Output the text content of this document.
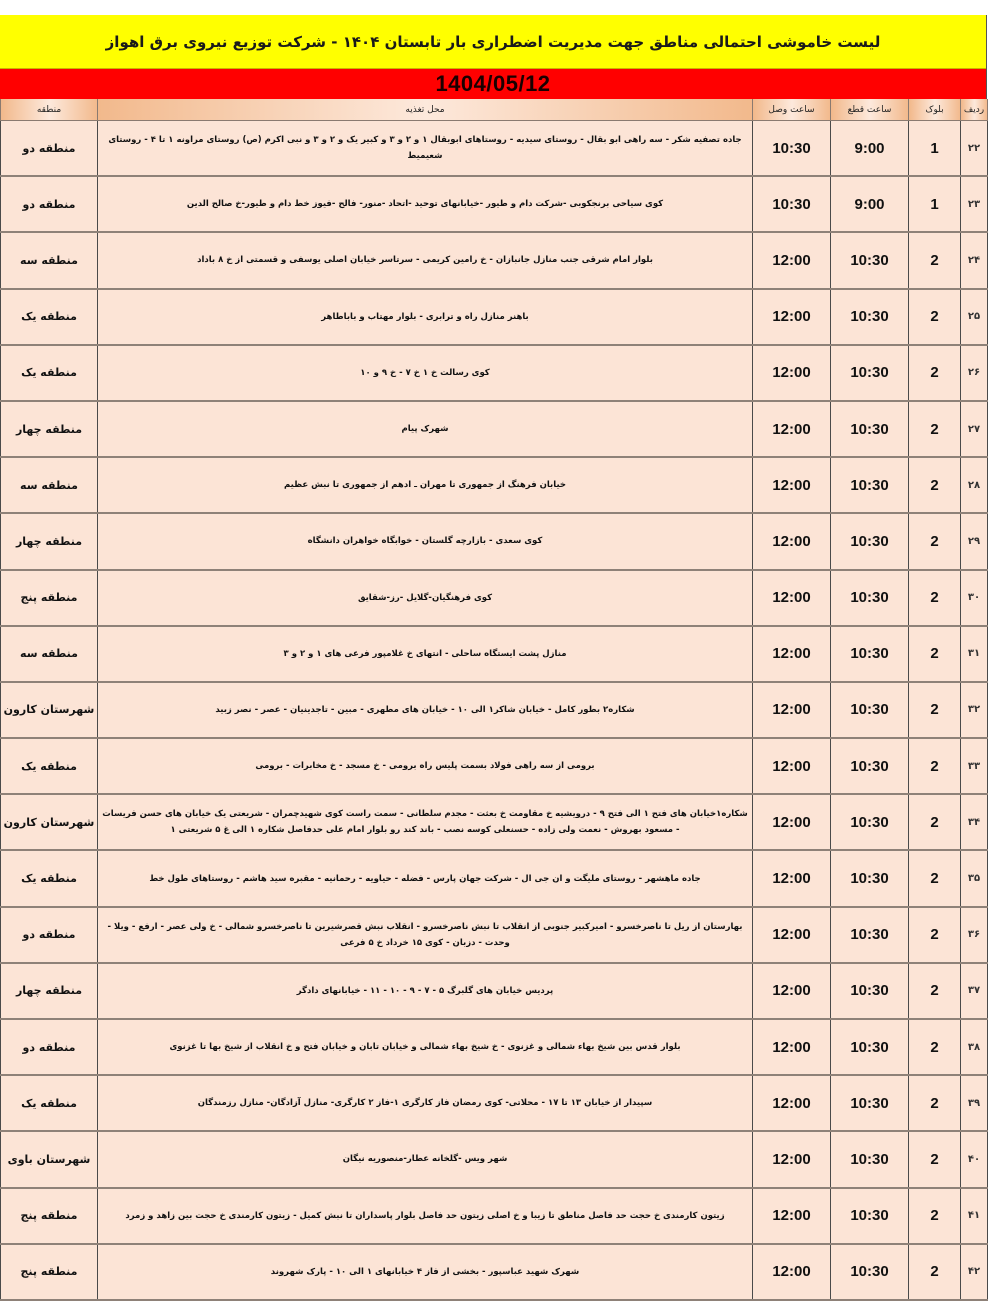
لیست خاموشی احتمالی مناطق جهت مدیریت اضطراری بار تابستان ۱۴۰۴ - شرکت توزیع نیروی برق اهواز
1404/05/12
ردیف	بلوک	ساعت قطع	ساعت وصل	محل تغذیه	منطقه
۲۲	1	9:00	10:30	جاده تصفیه شکر - سه راهی ابو بقال - روستای سیدیه - روستاهای ابوبقال ۱ و ۲ و ۳ و کبیر یک و ۲ و ۳ و نبی اکرم (ص) روستای مراونه ۱ تا ۴ - روستای شعیمیط	منطقه دو
۲۳	1	9:00	10:30	کوی سیاحی برنجکوبی -شرکت دام و طیور -خیابانهای توحید -اتحاد -منور- فالح -فیوز خط دام و طیور-خ صالح الدین	منطقه دو
۲۴	2	10:30	12:00	بلوار امام شرقی جنب منازل جانبازان - خ رامین کریمی - سرتاسر خیابان اصلی یوسفی و قسمتی از خ ۸ باداد	منطقه سه
۲۵	2	10:30	12:00	باهنر منازل راه و ترابری - بلوار مهتاب و باباطاهر	منطقه یک
۲۶	2	10:30	12:00	کوی رسالت خ ۱ خ ۷ - خ ۹ و ۱۰	منطقه یک
۲۷	2	10:30	12:00	شهرک پیام	منطقه چهار
۲۸	2	10:30	12:00	خیابان فرهنگ از جمهوری تا مهران ـ ادهم از جمهوری تا نبش عظیم	منطقه سه
۲۹	2	10:30	12:00	کوی سعدی - بازارچه گلستان - خوابگاه خواهران دانشگاه	منطقه چهار
۳۰	2	10:30	12:00	کوی فرهنگیان-گلایل -رز-شقایق	منطقه پنج
۳۱	2	10:30	12:00	منازل پشت ایستگاه ساحلی - انتهای خ غلامپور فرعی های ۱ و ۲ و ۳	منطقه سه
۳۲	2	10:30	12:00	شکاره۲ بطور کامل - خیابان شاکر۱ الی ۱۰ - خیابان های مطهری - مبین - تاجدینیان - عصر - نصر زبید	شهرستان کارون
۳۳	2	10:30	12:00	برومی از سه راهی فولاد بسمت پلیس راه برومی - خ مسجد - خ مخابرات - برومی	منطقه یک
۳۴	2	10:30	12:00	شکاره۱خیابان های فتح ۱ الی فتح ۹ - درویشیه خ مقاومت خ بعثت - مجدم سلطانی - سمت راست کوی شهیدچمران - شریعتی یک خیابان های حسن فریسات - مسعود بهروش - نعمت ولی زاده - حسنعلی کوسه نصب - باند کند رو بلوار امام علی حدفاصل شکاره ۱ الی غ ۵ شریعتی ۱	شهرستان کارون
۳۵	2	10:30	12:00	جاده ماهشهر - روستای ملیگت و ان جی ال - شرکت جهان پارس - فضله - حیاویه - رحمانیه - مقبره سید هاشم - روستاهای طول خط	منطقه یک
۳۶	2	10:30	12:00	بهارستان از ریل تا ناصرخسرو - امیرکبیر جنوبی از انقلاب تا نبش ناصرخسرو - انقلاب نبش قصرشیرین تا ناصرخسرو شمالی - خ ولی عصر - ارفع - ویلا - وحدت - دزبان - کوی ۱۵ خرداد خ ۵ فرعی	منطقه دو
۳۷	2	10:30	12:00	پردیس خیابان های گلبرگ ۵ - ۷ - ۹ - ۱۰ - ۱۱ - خیابانهای دادگر	منطقه چهار
۳۸	2	10:30	12:00	بلوار قدس بین شیخ بهاء شمالی و غزنوی - خ شیخ بهاء شمالی و خیابان تابان و خیابان فتح و خ انقلاب از شیخ بها تا غزنوی	منطقه دو
۳۹	2	10:30	12:00	سپیدار از خیابان ۱۳ تا ۱۷ - محلاتی- کوی رمضان فاز کارگری ۱-فاز ۲ کارگری- منازل آزادگان- منازل رزمندگان	منطقه یک
۴۰	2	10:30	12:00	شهر ویس -گلخانه عطار-منصوریه نیگان	شهرستان باوی
۴۱	2	10:30	12:00	زیتون کارمندی خ حجت حد فاصل مناطق تا زیبا و خ اصلی زیتون حد فاصل بلوار پاسداران تا نبش کمیل - زیتون کارمندی خ حجت بین زاهد و زمرد	منطقه پنج
۴۲	2	10:30	12:00	شهرک شهید عباسپور - بخشی از فاز ۴ خیابانهای ۱ الی ۱۰ - پارک شهروند	منطقه پنج
